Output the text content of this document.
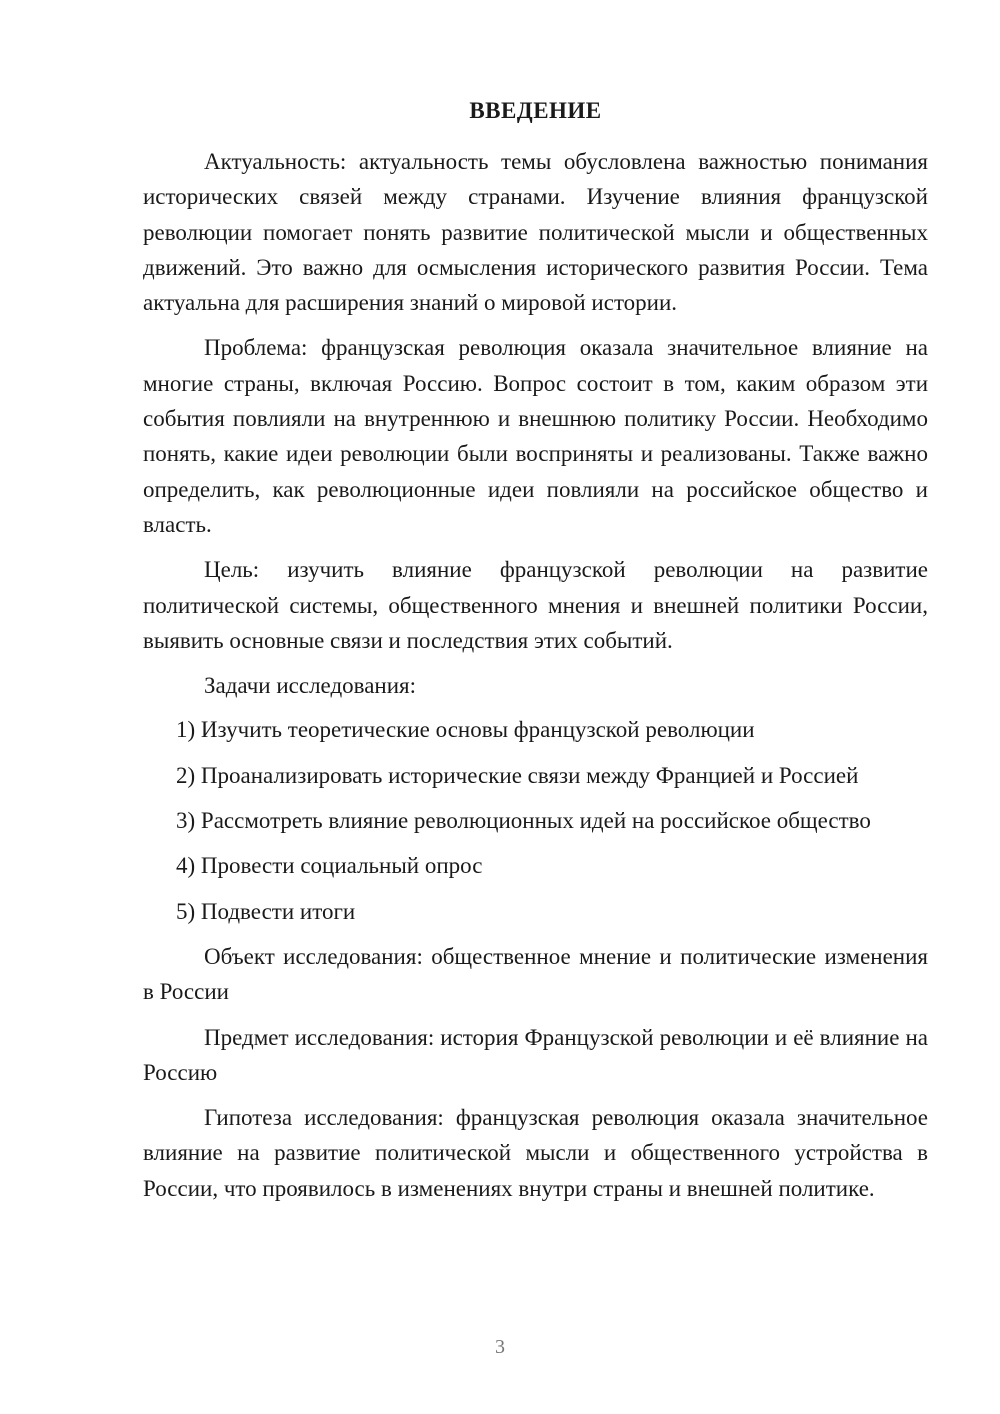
ВВЕДЕНИЕ

Актуальность: актуальность темы обусловлена важностью понимания исторических связей между странами. Изучение влияния французской революции помогает понять развитие политической мысли и общественных движений. Это важно для осмысления исторического развития России. Тема актуальна для расширения знаний о мировой истории.

Проблема: французская революция оказала значительное влияние на многие страны, включая Россию. Вопрос состоит в том, каким образом эти события повлияли на внутреннюю и внешнюю политику России. Необходимо понять, какие идеи революции были восприняты и реализованы. Также важно определить, как революционные идеи повлияли на российское общество и власть.

Цель: изучить влияние французской революции на развитие политической системы, общественного мнения и внешней политики России, выявить основные связи и последствия этих событий.

Задачи исследования:

1) Изучить теоретические основы французской революции
2) Проанализировать исторические связи между Францией и Россией
3) Рассмотреть влияние революционных идей на российское общество
4) Провести социальный опрос
5) Подвести итоги

Объект исследования: общественное мнение и политические изменения в России

Предмет исследования: история Французской революции и её влияние на Россию

Гипотеза исследования: французская революция оказала значительное влияние на развитие политической мысли и общественного устройства в России, что проявилось в изменениях внутри страны и внешней политике.

3
